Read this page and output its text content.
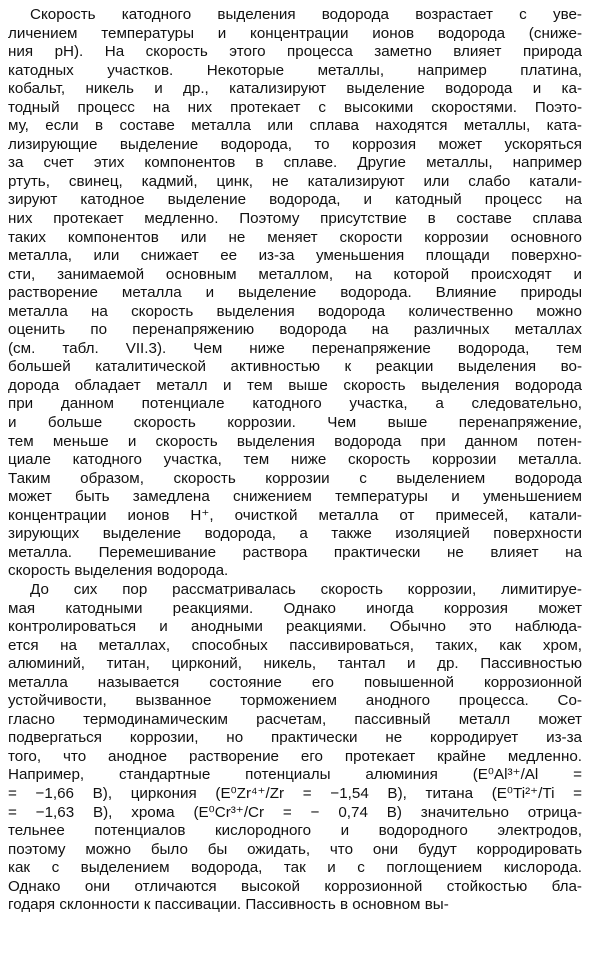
Скорость катодного выделения водорода возрастает с уве-
личением температуры и концентрации ионов водорода (сниже-
ния рН). На скорость этого процесса заметно влияет природа
катодных участков. Некоторые металлы, например платина,
кобальт, никель и др., катализируют выделение водорода и ка-
тодный процесс на них протекает с высокими скоростями. Поэто-
му, если в составе металла или сплава находятся металлы, ката-
лизирующие выделение водорода, то коррозия может ускоряться
за счет этих компонентов в сплаве. Другие металлы, например
ртуть, свинец, кадмий, цинк, не катализируют или слабо катали-
зируют катодное выделение водорода, и катодный процесс на
них протекает медленно. Поэтому присутствие в составе сплава
таких компонентов или не меняет скорости коррозии основного
металла, или снижает ее из-за уменьшения площади поверхно-
сти, занимаемой основным металлом, на которой происходят и
растворение металла и выделение водорода. Влияние природы
металла на скорость выделения водорода количественно можно
оценить по перенапряжению водорода на различных металлах
(см. табл. VII.3). Чем ниже перенапряжение водорода, тем
большей каталитической активностью к реакции выделения во-
дорода обладает металл и тем выше скорость выделения водорода
при данном потенциале катодного участка, а следовательно,
и больше скорость коррозии. Чем выше перенапряжение,
тем меньше и скорость выделения водорода при данном потен-
циале катодного участка, тем ниже скорость коррозии металла.
Таким образом, скорость коррозии с выделением водорода
может быть замедлена снижением температуры и уменьшением
концентрации ионов H⁺, очисткой металла от примесей, катали-
зирующих выделение водорода, а также изоляцией поверхности
металла. Перемешивание раствора практически не влияет на
скорость выделения водорода.
До сих пор рассматривалась скорость коррозии, лимитируе-
мая катодными реакциями. Однако иногда коррозия может
контролироваться и анодными реакциями. Обычно это наблюда-
ется на металлах, способных пассивироваться, таких, как хром,
алюминий, титан, цирконий, никель, тантал и др. Пассивностью
металла называется состояние его повышенной коррозионной
устойчивости, вызванное торможением анодного процесса. Со-
гласно термодинамическим расчетам, пассивный металл может
подвергаться коррозии, но практически не корродирует из-за
того, что анодное растворение его протекает крайне медленно.
Например, стандартные потенциалы алюминия (E⁰Al³⁺/Al =
= −1,66 В), циркония (E⁰Zr⁴⁺/Zr = −1,54 В), титана (E⁰Ti²⁺/Ti =
= −1,63 В), хрома (E⁰Cr³⁺/Cr = − 0,74 В) значительно отрица-
тельнее потенциалов кислородного и водородного электродов,
поэтому можно было бы ожидать, что они будут корродировать
как с выделением водорода, так и с поглощением кислорода.
Однако они отличаются высокой коррозионной стойкостью бла-
годаря склонности к пассивации. Пассивность в основном вы-
